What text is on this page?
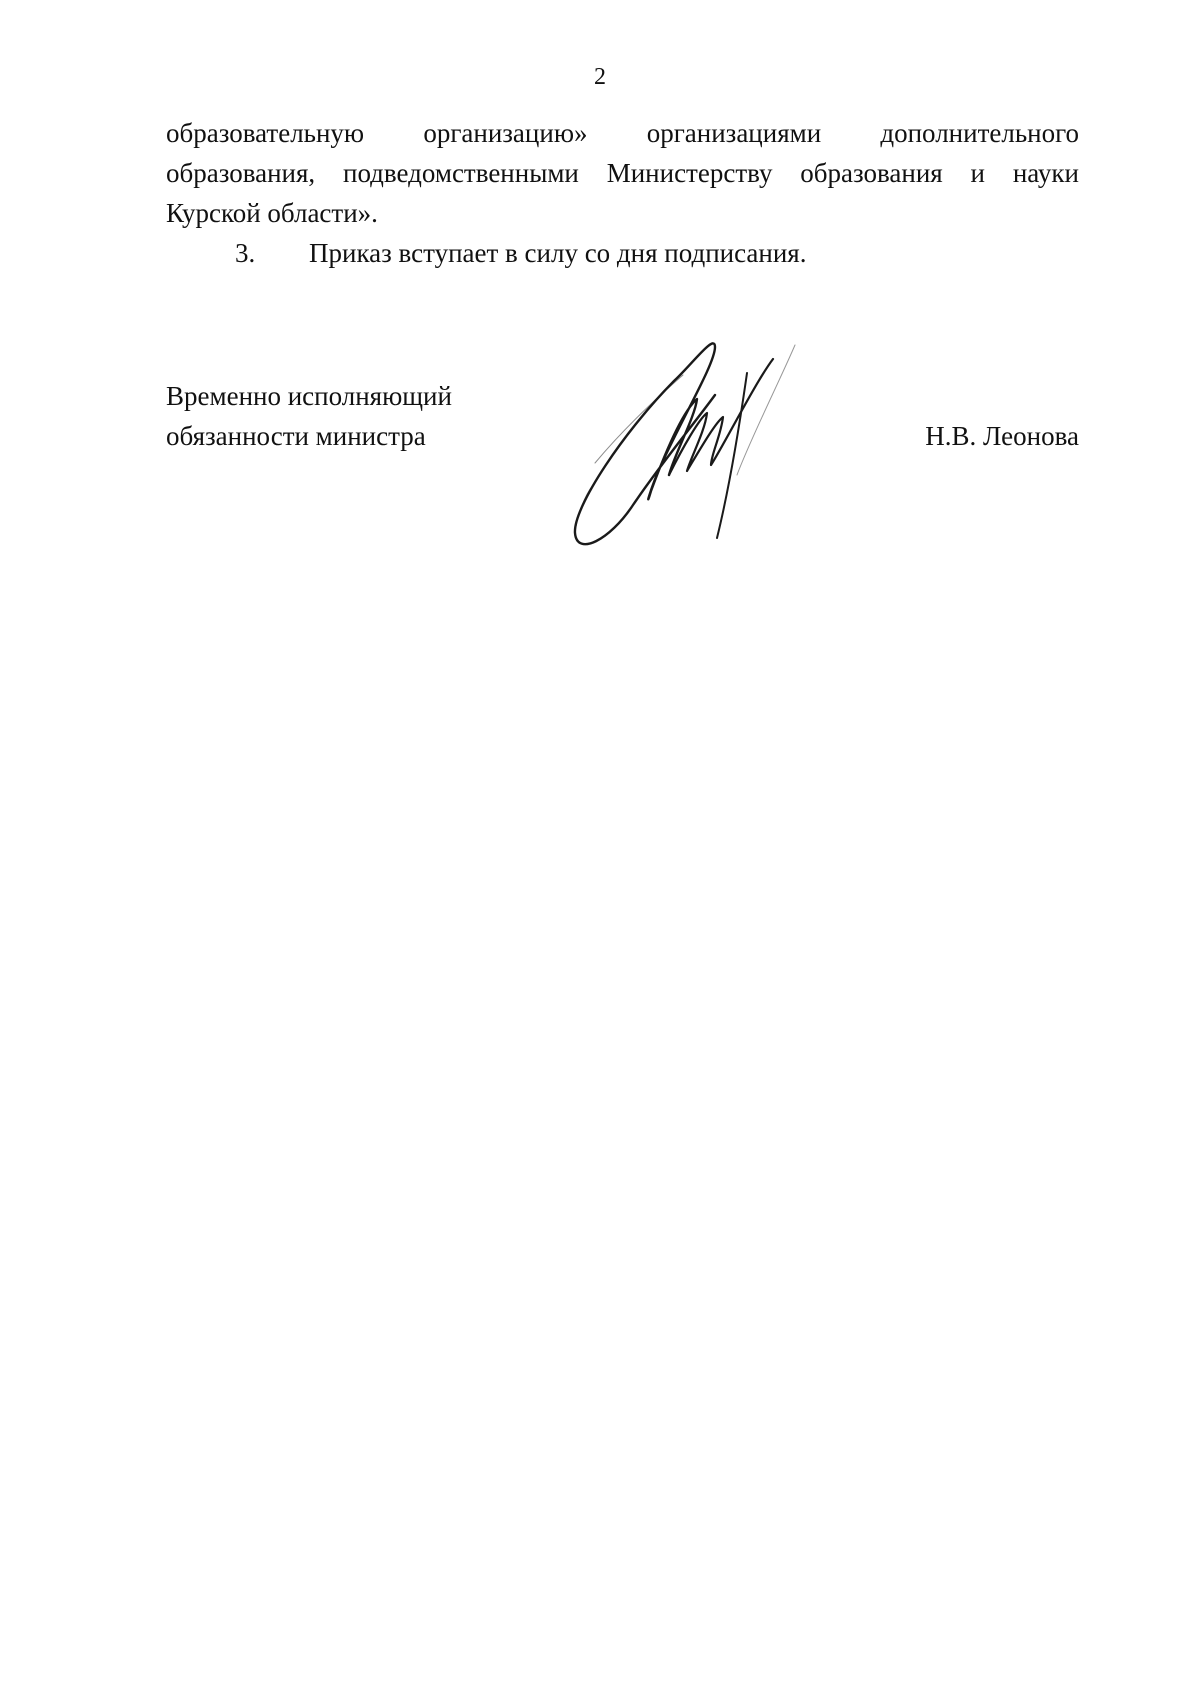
2
образовательную организацию» организациями дополнительного
образования, подведомственными Министерству образования и науки
Курской области».
3. Приказ вступает в силу со дня подписания.
Временно исполняющий
обязанности министра	Н.В. Леонова
